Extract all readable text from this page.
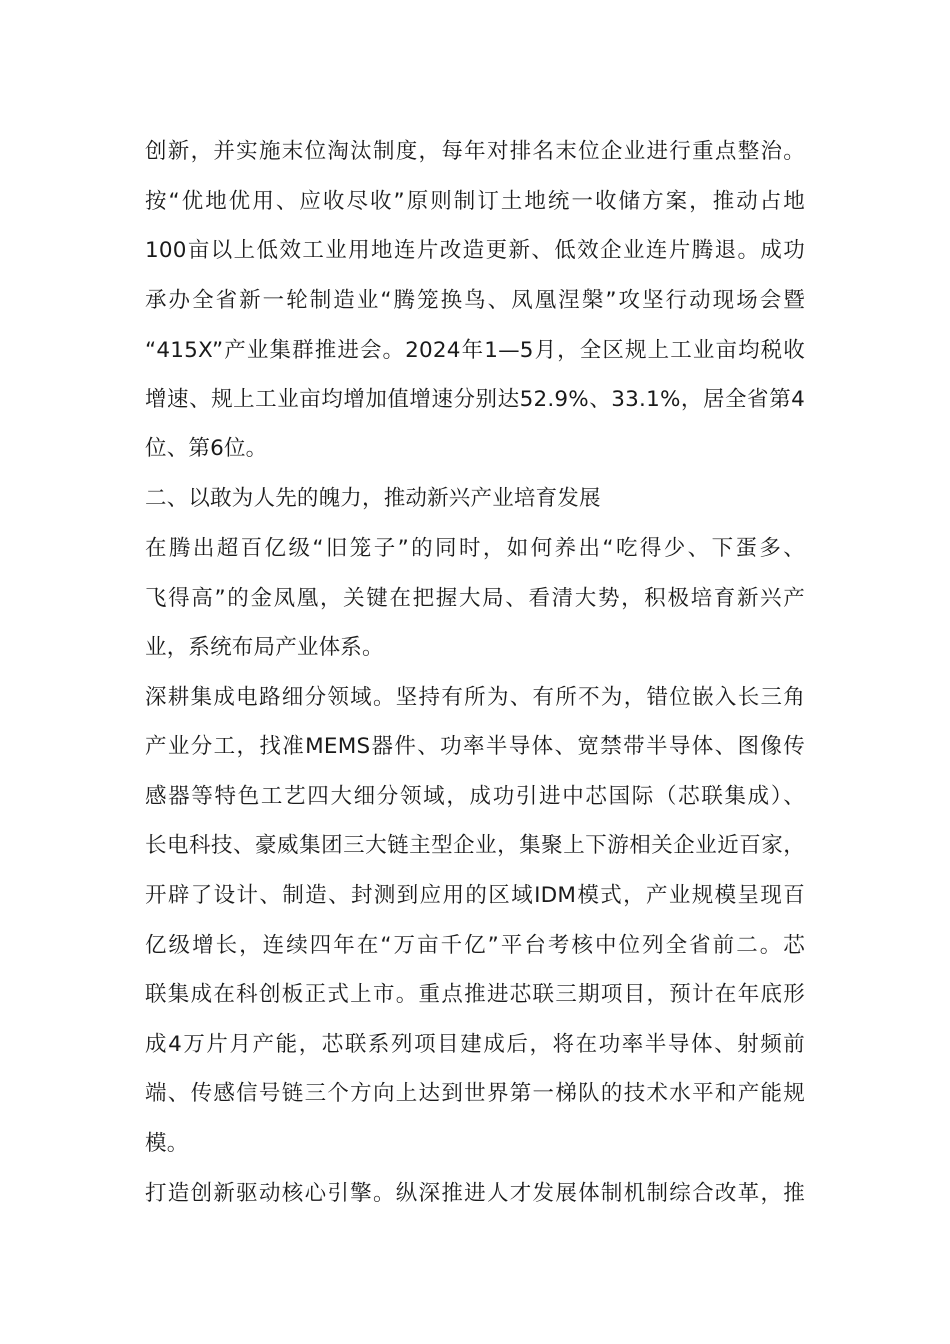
创新，并实施末位淘汰制度，每年对排名末位企业进行重点整治。
按“优地优用、应收尽收”原则制订土地统一收储方案，推动占地
100亩以上低效工业用地连片改造更新、低效企业连片腾退。成功
承办全省新一轮制造业“腾笼换鸟、凤凰涅槃”攻坚行动现场会暨
“415X”产业集群推进会。2024年1—5月，全区规上工业亩均税收
增速、规上工业亩均增加值增速分别达52.9%、33.1%，居全省第4
位、第6位。
二、以敢为人先的魄力，推动新兴产业培育发展
在腾出超百亿级“旧笼子”的同时，如何养出“吃得少、下蛋多、
飞得高”的金凤凰，关键在把握大局、看清大势，积极培育新兴产
业，系统布局产业体系。
深耕集成电路细分领域。坚持有所为、有所不为，错位嵌入长三角
产业分工，找准MEMS器件、功率半导体、宽禁带半导体、图像传
感器等特色工艺四大细分领域，成功引进中芯国际（芯联集成）、
长电科技、豪威集团三大链主型企业，集聚上下游相关企业近百家，
开辟了设计、制造、封测到应用的区域IDM模式，产业规模呈现百
亿级增长，连续四年在“万亩千亿”平台考核中位列全省前二。芯
联集成在科创板正式上市。重点推进芯联三期项目，预计在年底形
成4万片月产能，芯联系列项目建成后，将在功率半导体、射频前
端、传感信号链三个方向上达到世界第一梯队的技术水平和产能规
模。
打造创新驱动核心引擎。纵深推进人才发展体制机制综合改革，推
